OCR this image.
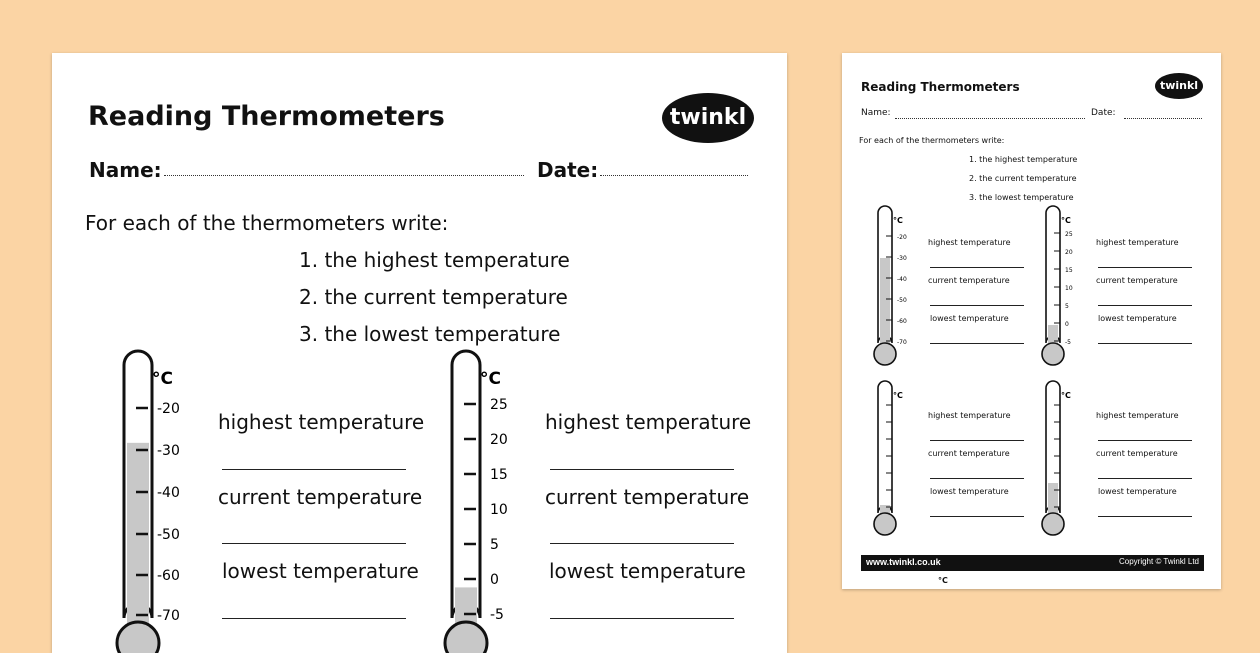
Reading Thermometers	twinkl
Name:	Date:
For each of the thermometers write:
1. the highest temperature
2. the current temperature
3. the lowest temperature
°C
-20
-30
-40
-50
-60
-70
°C
25
20
15
10
5
0
-5
highest temperature
current temperature
lowest temperature
highest temperature
current temperature
lowest temperature
Reading Thermometers	twinkl
Name:	Date:
For each of the thermometers write:
1. the highest temperature
2. the current temperature
3. the lowest temperature
°C
-20
-30
-40
-50
-60
-70
°C
25
20
15
10
5
0
-5
°C	°C
highest temperature
current temperature
lowest temperature
highest temperature
current temperature
lowest temperature
highest temperature
current temperature
lowest temperature
highest temperature
current temperature
lowest temperature
www.twinkl.co.uk	Copyright © Twinkl Ltd
°C
